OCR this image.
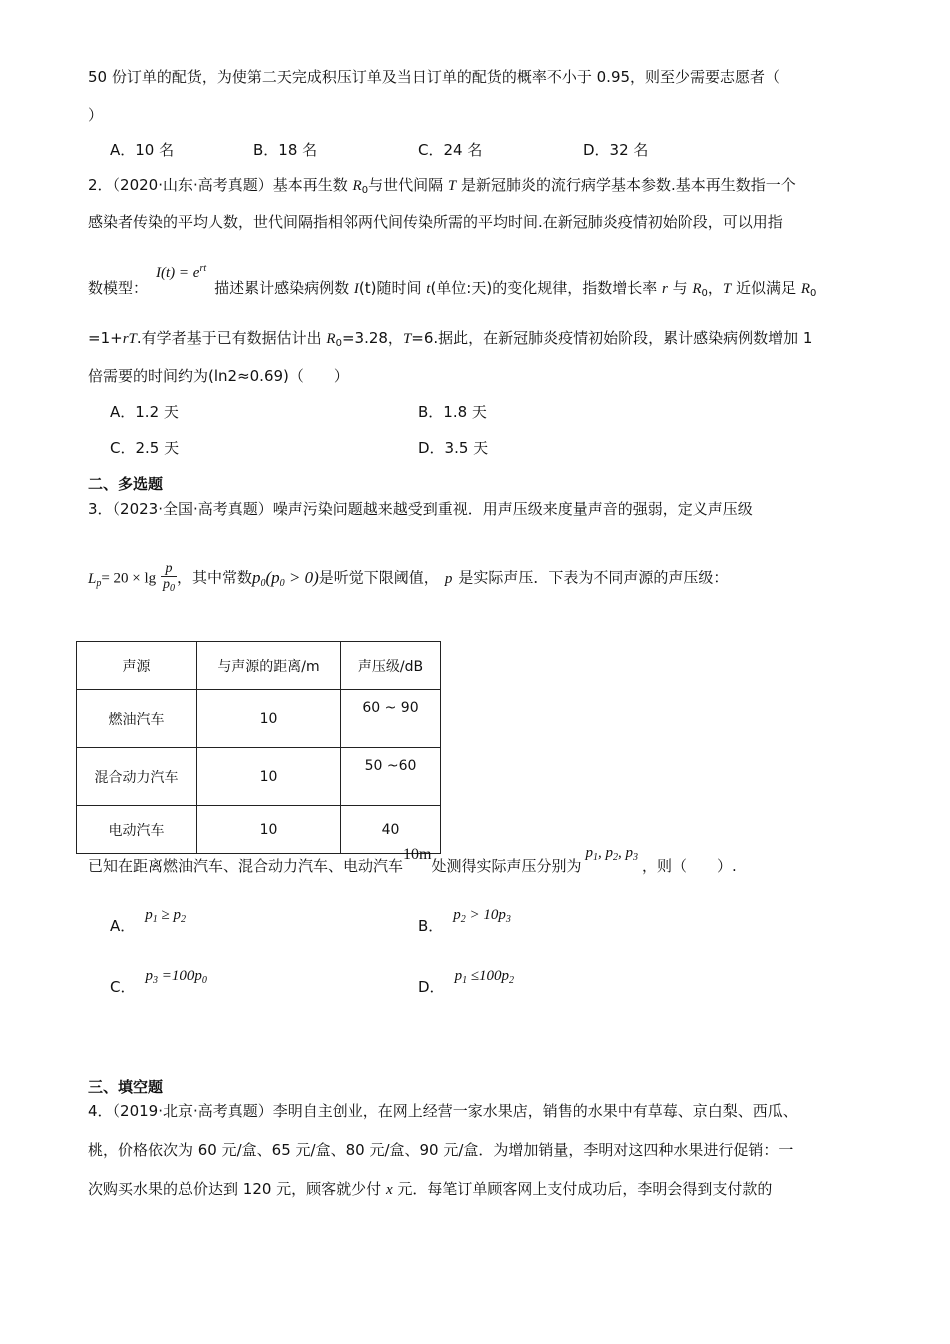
50 份订单的配货，为使第二天完成积压订单及当日订单的配货的概率不小于 0.95，则至少需要志愿者（
）
A．10 名	B．18 名	C．24 名	D．32 名
2．（2020·山东·高考真题）基本再生数 $R_0$与世代间隔 T 是新冠肺炎的流行病学基本参数.基本再生数指一个
感染者传染的平均人数，世代间隔指相邻两代间传染所需的平均时间.在新冠肺炎疫情初始阶段，可以用指
数模型：$I(t) = e^{rt}$描述累计感染病例数 I(t)随时间 t(单位:天)的变化规律，指数增长率 r 与 $R_0$，T 近似满足 $R_0$
=1+rT.有学者基于已有数据估计出 $R_0=3.28$，T=6.据此，在新冠肺炎疫情初始阶段，累计感染病例数增加 1
倍需要的时间约为(ln2≈0.69)（　　）
A．1.2 天	B．1.8 天
C．2.5 天	D．3.5 天
二、多选题
3．（2023·全国·高考真题）噪声污染问题越来越受到重视．用声压级来度量声音的强弱，定义声压级
$L_p= 20 \times \lg \frac{p}{p_0}$ ，其中常数$p_0(p_0 > 0)$是听觉下限阈值， p 是实际声压．下表为不同声源的声压级：
声源	与声源的距离/m	声压级/dB
燃油汽车	10	60 ~ 90
混合动力汽车	10	50 ~60
电动汽车	10	40
已知在距离燃油汽车、混合动力汽车、电动汽车10m处测得实际声压分别为$p_1$, $p_2$, $p_3$ ，则（　　）.
A．$p_1 \ge p_2$	B．$p_2 > 10p_3$
C．$p_3 =100p_0$	D．$p_1 \le 100p_2$
三、填空题
4．（2019·北京·高考真题）李明自主创业，在网上经营一家水果店，销售的水果中有草莓、京白梨、西瓜、
桃，价格依次为 60 元/盒、65 元/盒、80 元/盒、90 元/盒．为增加销量，李明对这四种水果进行促销：一
次购买水果的总价达到 120 元，顾客就少付 x 元．每笔订单顾客网上支付成功后，李明会得到支付款的
